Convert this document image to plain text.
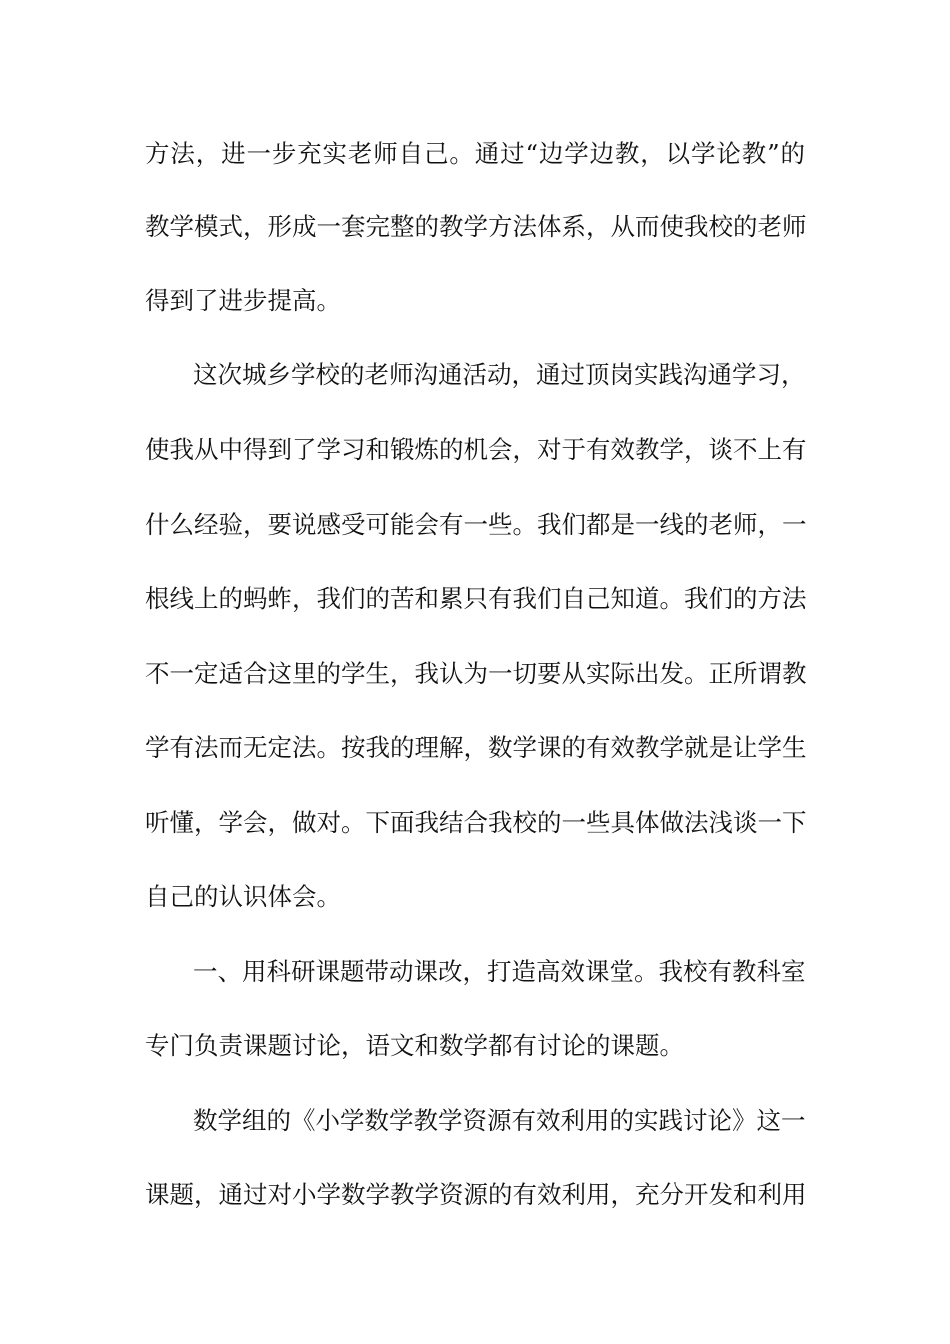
方法，进一步充实老师自己。通过“边学边教，以学论教”的
教学模式，形成一套完整的教学方法体系，从而使我校的老师
得到了进步提高。
这次城乡学校的老师沟通活动，通过顶岗实践沟通学习，
使我从中得到了学习和锻炼的机会，对于有效教学，谈不上有
什么经验，要说感受可能会有一些。我们都是一线的老师，一
根线上的蚂蚱，我们的苦和累只有我们自己知道。我们的方法
不一定适合这里的学生，我认为一切要从实际出发。正所谓教
学有法而无定法。按我的理解，数学课的有效教学就是让学生
听懂，学会，做对。下面我结合我校的一些具体做法浅谈一下
自己的认识体会。
一、用科研课题带动课改，打造高效课堂。我校有教科室
专门负责课题讨论，语文和数学都有讨论的课题。
数学组的《小学数学教学资源有效利用的实践讨论》这一
课题，通过对小学数学教学资源的有效利用，充分开发和利用
